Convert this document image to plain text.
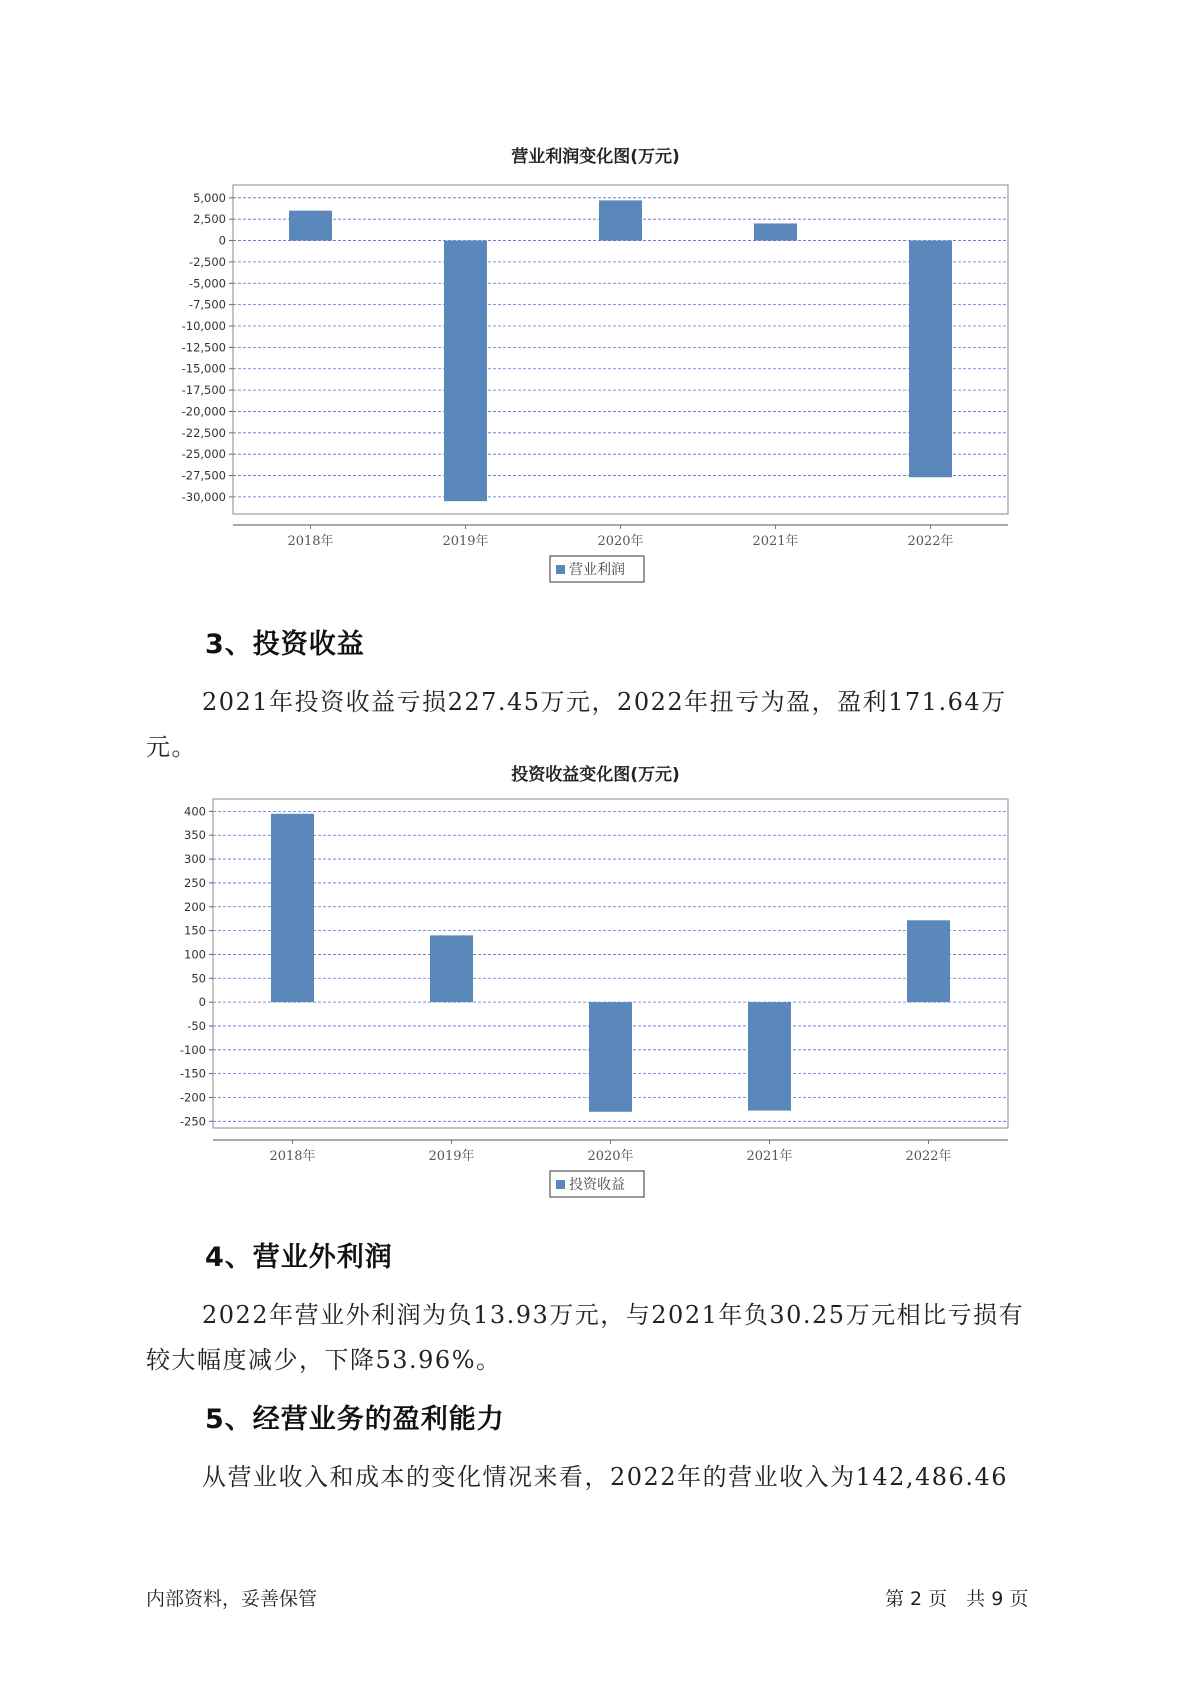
营业利润变化图(万元)
5,000
2,500
0
-2,500
-5,000
-7,500
-10,000
-12,500
-15,000
-17,500
-20,000
-22,500
-25,000
-27,500
-30,000
2018年	2019年	2020年	2021年	2022年
营业利润
3、投资收益
2021年投资收益亏损227.45万元，2022年扭亏为盈，盈利171.64万元。
投资收益变化图(万元)
400
350
300
250
200
150
100
50
0
-50
-100
-150
-200
-250
2018年	2019年	2020年	2021年	2022年
投资收益
4、营业外利润
2022年营业外利润为负13.93万元，与2021年负30.25万元相比亏损有较大幅度减少，下降53.96%。
5、经营业务的盈利能力
从营业收入和成本的变化情况来看，2022年的营业收入为142,486.46
内部资料，妥善保管	第 2 页　共 9 页
